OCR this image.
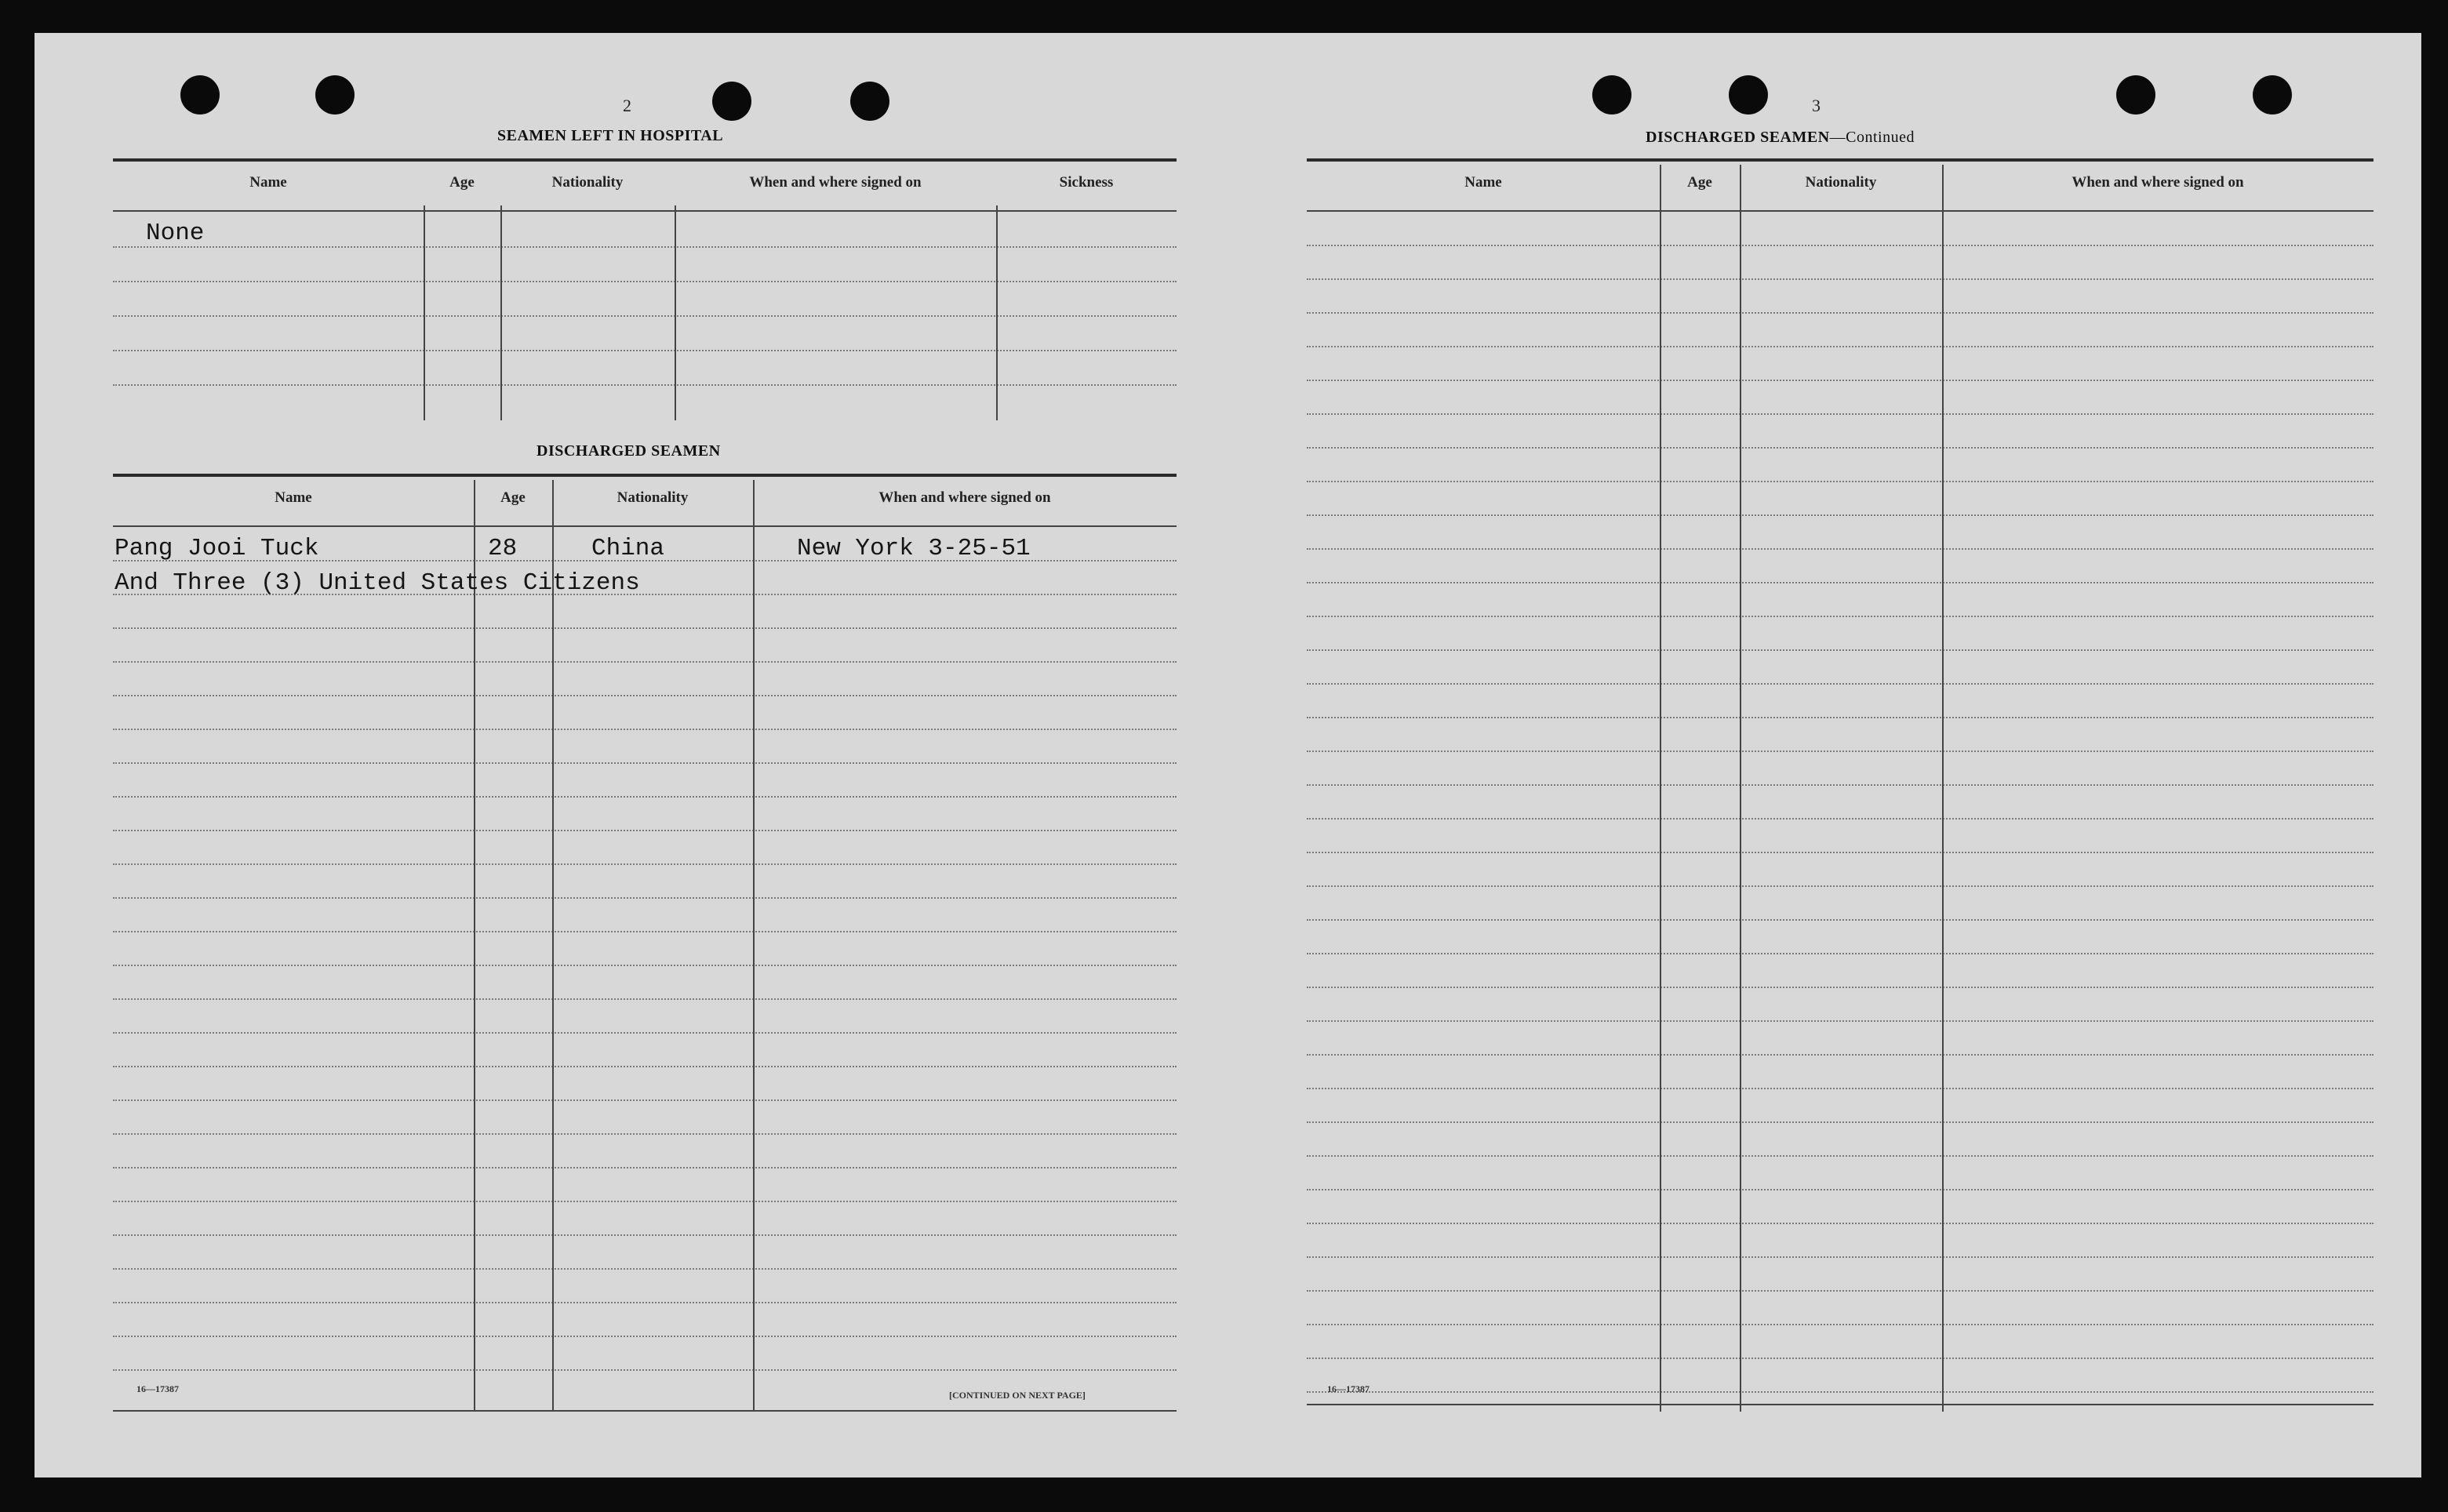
2
SEAMEN LEFT IN HOSPITAL
Name	Age	Nationality	When and where signed on	Sickness
None
DISCHARGED SEAMEN
Name	Age	Nationality	When and where signed on
Pang Jooi Tuck	28	China	New York 3-25-51
And Three (3) United States Citizens
16—17387
[CONTINUED ON NEXT PAGE]
3
DISCHARGED SEAMEN—Continued
Name	Age	Nationality	When and where signed on
16—17387
